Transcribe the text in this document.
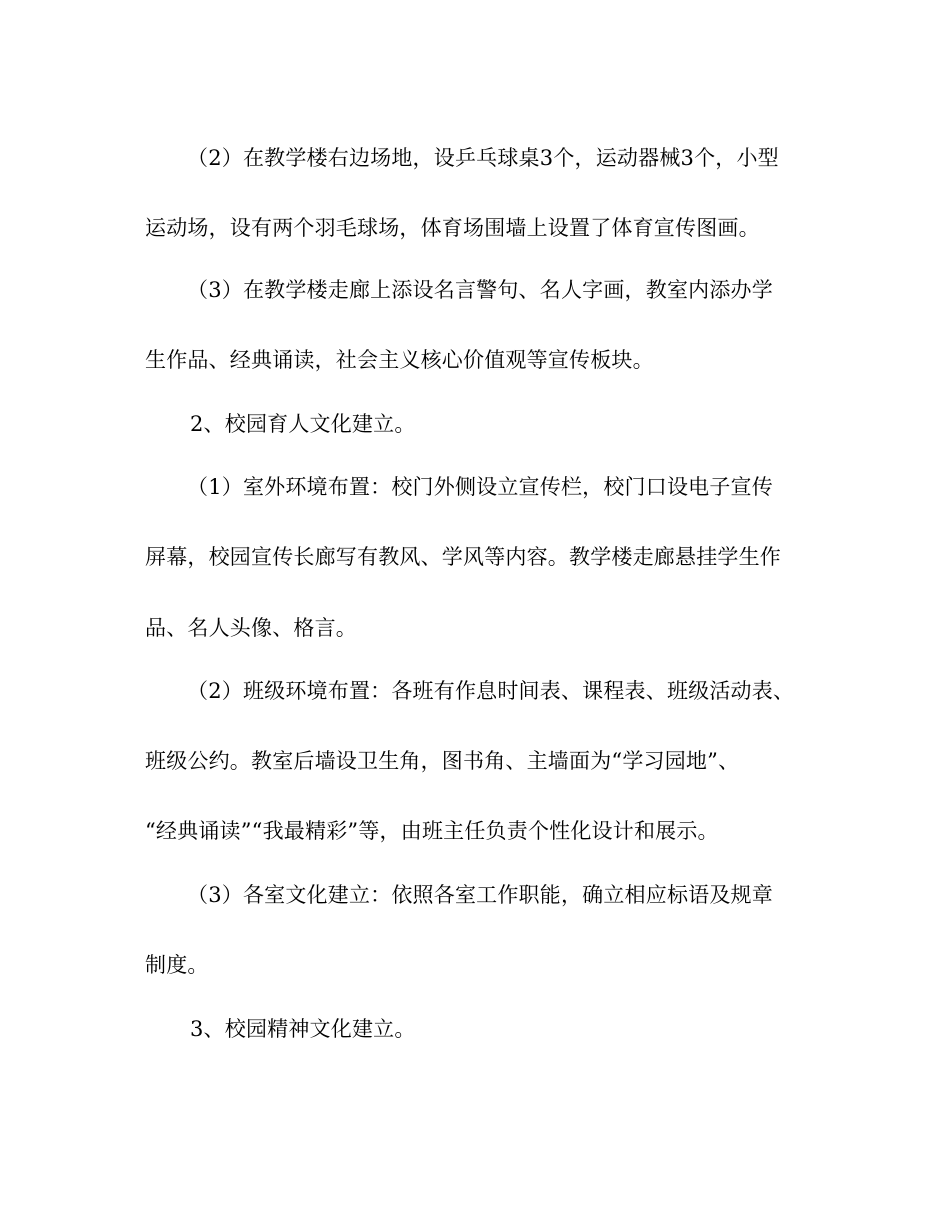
（2）在教学楼右边场地，设乒乓球桌3个，运动器械3个，小型
运动场，设有两个羽毛球场，体育场围墙上设置了体育宣传图画。
（3）在教学楼走廊上添设名言警句、名人字画，教室内添办学
生作品、经典诵读，社会主义核心价值观等宣传板块。
2、校园育人文化建立。
（1）室外环境布置：校门外侧设立宣传栏，校门口设电子宣传
屏幕，校园宣传长廊写有教风、学风等内容。教学楼走廊悬挂学生作
品、名人头像、格言。
（2）班级环境布置：各班有作息时间表、课程表、班级活动表、
班级公约。教室后墙设卫生角，图书角、主墙面为“学习园地”、
“经典诵读”“我最精彩”等，由班主任负责个性化设计和展示。
（3）各室文化建立：依照各室工作职能，确立相应标语及规章
制度。
3、校园精神文化建立。
